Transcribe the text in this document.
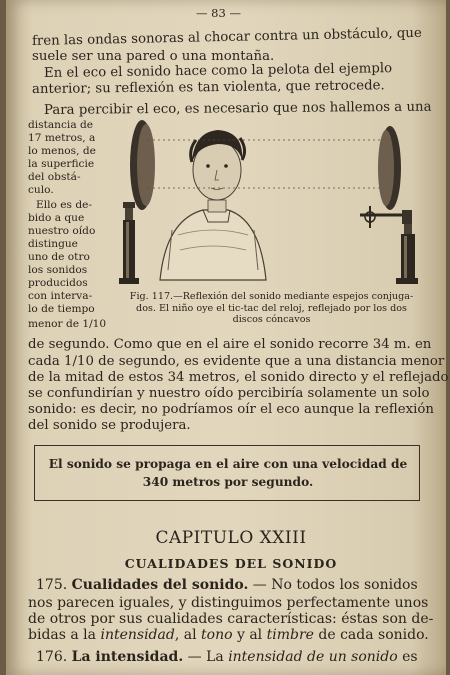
— 83 —
fren las ondas sonoras al chocar contra un obstáculo, que
suele ser una pared o una montaña.
En el eco el sonido hace como la pelota del ejemplo
anterior; su reflexión es tan violenta, que retrocede.
Para percibir el eco, es necesario que nos hallemos a una
distancia de
17 metros, a
lo menos, de
la superficie
del obstá-
culo.
Ello es de-
bido a que
nuestro oído
distingue
uno de otro
los sonidos
producidos
con interva-
lo de tiempo
menor de 1/10
Fig. 117.—Reflexión del sonido mediante espejos conjuga-
dos. El niño oye el tic-tac del reloj, reflejado por los dos
discos cóncavos
de segundo. Como que en el aire el sonido recorre 34 m. en
cada 1/10 de segundo, es evidente que a una distancia menor
de la mitad de estos 34 metros, el sonido directo y el reflejado
se confundirían y nuestro oído percibiría solamente un solo
sonido: es decir, no podríamos oír el eco aunque la reflexión
del sonido se produjera.
El sonido se propaga en el aire con una velocidad de
340 metros por segundo.
CAPITULO XXIII
CUALIDADES DEL SONIDO
175. Cualidades del sonido. — No todos los sonidos
nos parecen iguales, y distinguimos perfectamente unos
de otros por sus cualidades características: éstas son de-
bidas a la intensidad, al tono y al timbre de cada sonido.
176. La intensidad. — La intensidad de un sonido es
